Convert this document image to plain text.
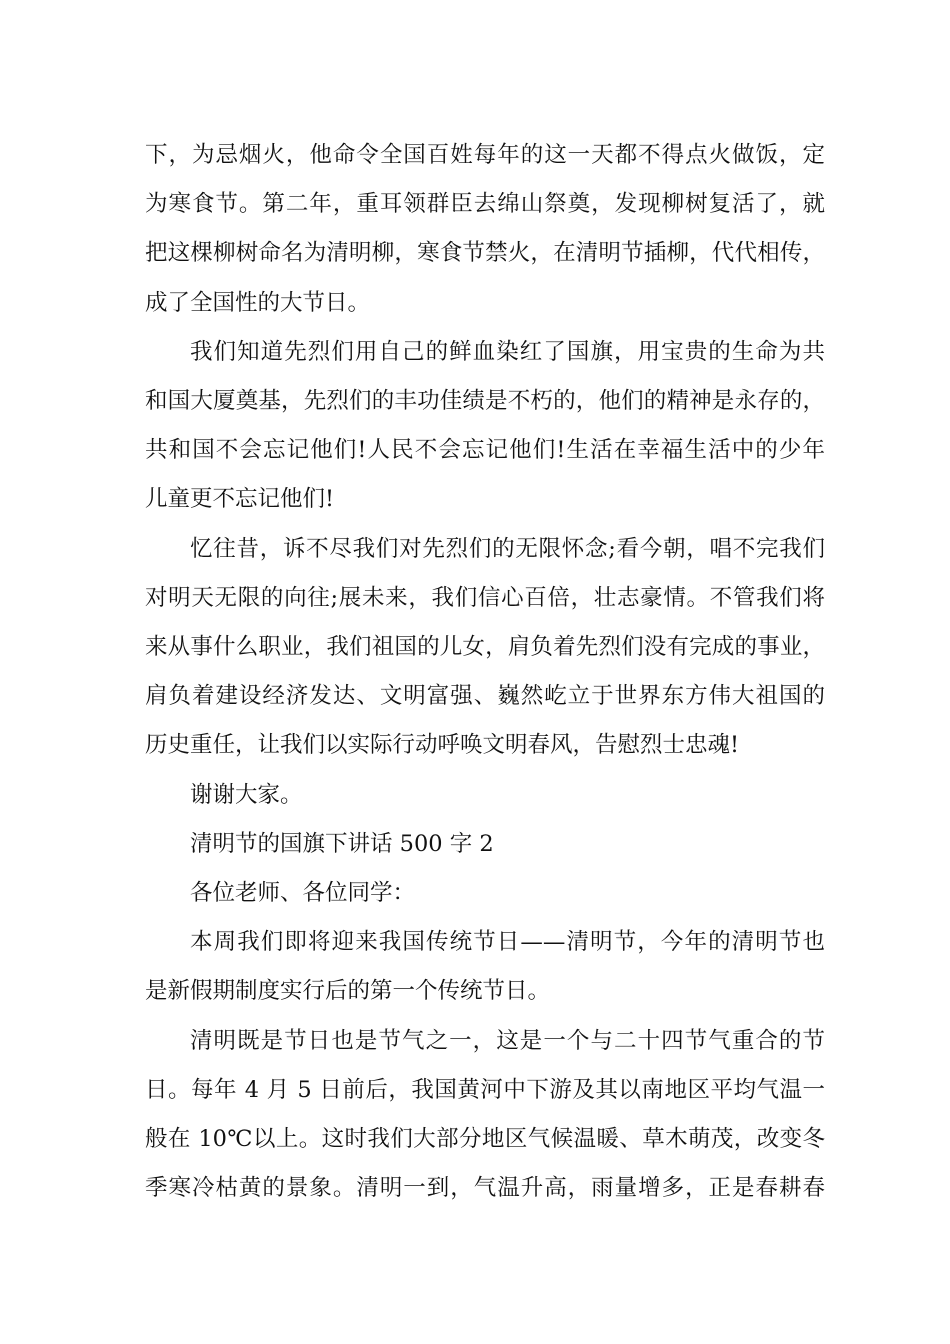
下，为忌烟火，他命令全国百姓每年的这一天都不得点火做饭，定
为寒食节。第二年，重耳领群臣去绵山祭奠，发现柳树复活了，就
把这棵柳树命名为清明柳，寒食节禁火，在清明节插柳，代代相传，
成了全国性的大节日。

我们知道先烈们用自己的鲜血染红了国旗，用宝贵的生命为共
和国大厦奠基，先烈们的丰功佳绩是不朽的，他们的精神是永存的，
共和国不会忘记他们!人民不会忘记他们!生活在幸福生活中的少年
儿童更不忘记他们!

忆往昔，诉不尽我们对先烈们的无限怀念;看今朝，唱不完我们
对明天无限的向往;展未来，我们信心百倍，壮志豪情。不管我们将
来从事什么职业，我们祖国的儿女，肩负着先烈们没有完成的事业，
肩负着建设经济发达、文明富强、巍然屹立于世界东方伟大祖国的
历史重任，让我们以实际行动呼唤文明春风，告慰烈士忠魂!

谢谢大家。

清明节的国旗下讲话 500 字 2

各位老师、各位同学：

本周我们即将迎来我国传统节日——清明节，今年的清明节也
是新假期制度实行后的第一个传统节日。

清明既是节日也是节气之一，这是一个与二十四节气重合的节
日。每年 4 月 5 日前后，我国黄河中下游及其以南地区平均气温一
般在 10℃以上。这时我们大部分地区气候温暖、草木萌茂，改变冬
季寒冷枯黄的景象。清明一到，气温升高，雨量增多，正是春耕春
